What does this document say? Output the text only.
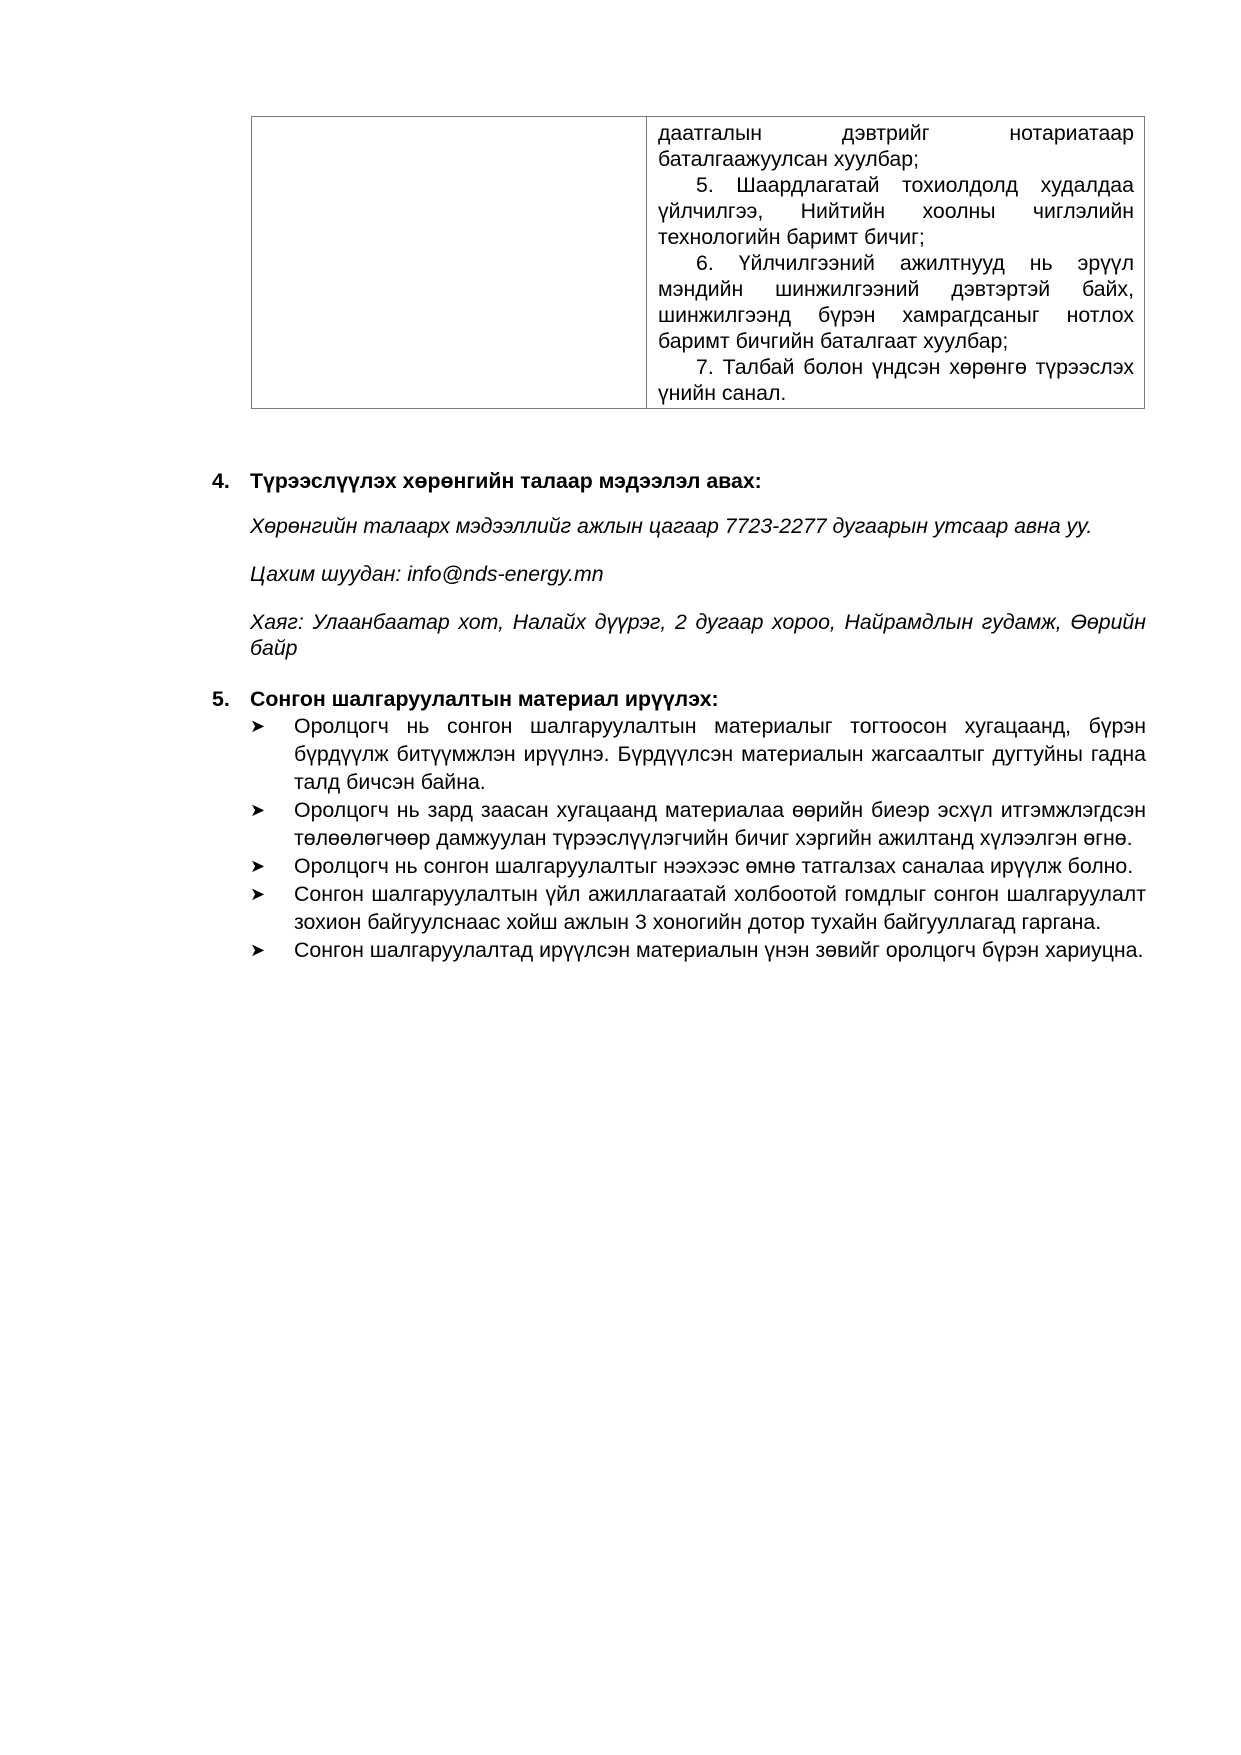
даатгалын дэвтрийг нотариатаар баталгаажуулсан хуулбар;

5. Шаардлагатай тохиолдолд худалдаа үйлчилгээ, Нийтийн хоолны чиглэлийн технологийн баримт бичиг;

6. Үйлчилгээний ажилтнууд нь эрүүл мэндийн шинжилгээний дэвтэртэй байх, шинжилгээнд бүрэн хамрагдсаныг нотлох баримт бичгийн баталгаат хуулбар;

7. Талбай болон үндсэн хөрөнгө түрээслэх үнийн санал.

4. Түрээслүүлэх хөрөнгийн талаар мэдээлэл авах:

Хөрөнгийн талаарх мэдээллийг ажлын цагаар 7723-2277 дугаарын утсаар авна уу.

Цахим шуудан: info@nds-energy.mn

Хаяг: Улаанбаатар хот, Налайх дүүрэг, 2 дугаар хороо, Найрамдлын гудамж, Өөрийн байр

5. Сонгон шалгаруулалтын материал ирүүлэх:
➤	Оролцогч нь сонгон шалгаруулалтын материалыг тогтоосон хугацаанд, бүрэн бүрдүүлж битүүмжлэн ирүүлнэ. Бүрдүүлсэн материалын жагсаалтыг дугтуйны гадна талд бичсэн байна.
➤	Оролцогч нь зард заасан хугацаанд материалаа өөрийн биеэр эсхүл итгэмжлэгдсэн төлөөлөгчөөр дамжуулан түрээслүүлэгчийн бичиг хэргийн ажилтанд хүлээлгэн өгнө.
➤	Оролцогч нь сонгон шалгаруулалтыг нээхээс өмнө татгалзах саналаа ирүүлж болно.
➤	Сонгон шалгаруулалтын үйл ажиллагаатай холбоотой гомдлыг сонгон шалгаруулалт зохион байгуулснаас хойш ажлын 3 хоногийн дотор тухайн байгууллагад гаргана.
➤	Сонгон шалгаруулалтад ирүүлсэн материалын үнэн зөвийг оролцогч бүрэн хариуцна.
